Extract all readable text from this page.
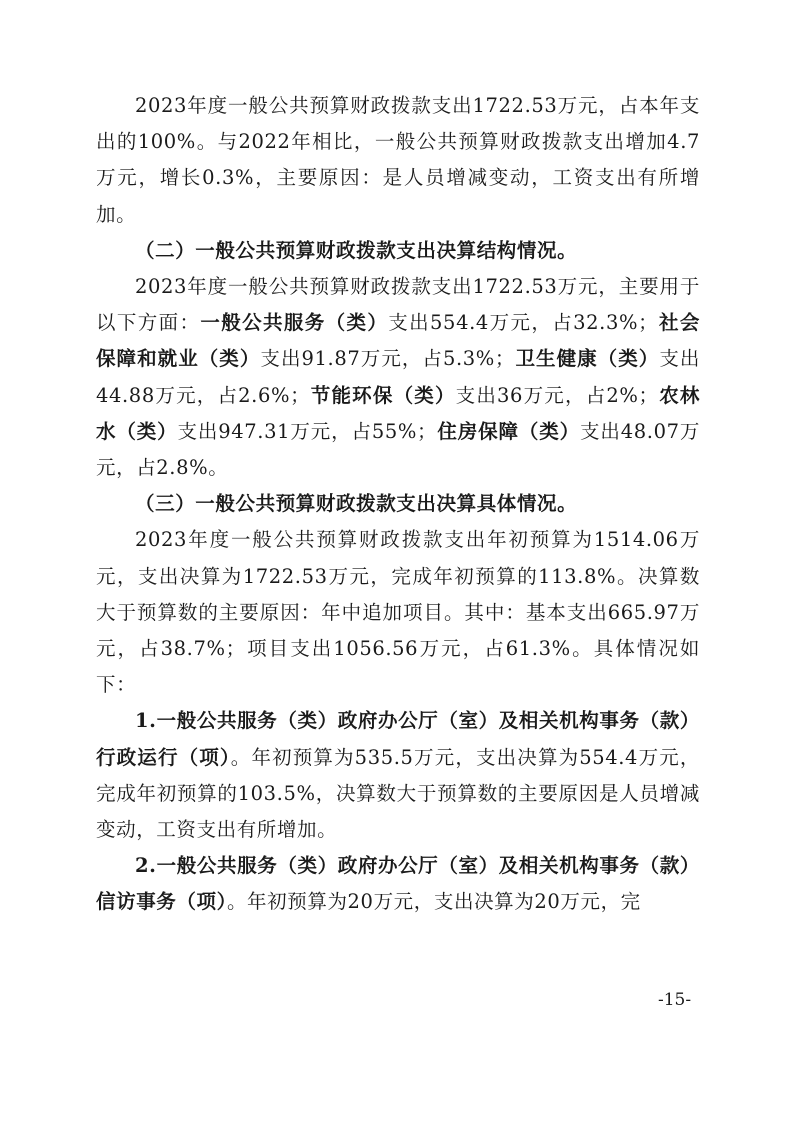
2023年度一般公共预算财政拨款支出1722.53万元，占本年支出的100%。与2022年相比，一般公共预算财政拨款支出增加4.7万元，增长0.3%，主要原因：是人员增减变动，工资支出有所增加。

（二）一般公共预算财政拨款支出决算结构情况。

2023年度一般公共预算财政拨款支出1722.53万元，主要用于以下方面：一般公共服务（类）支出554.4万元，占32.3%；社会保障和就业（类）支出91.87万元，占5.3%；卫生健康（类）支出44.88万元，占2.6%；节能环保（类）支出36万元，占2%；农林水（类）支出947.31万元，占55%；住房保障（类）支出48.07万元，占2.8%。

（三）一般公共预算财政拨款支出决算具体情况。

2023年度一般公共预算财政拨款支出年初预算为1514.06万元，支出决算为1722.53万元，完成年初预算的113.8%。决算数大于预算数的主要原因：年中追加项目。其中：基本支出665.97万元，占38.7%；项目支出1056.56万元，占61.3%。具体情况如下：

1.一般公共服务（类）政府办公厅（室）及相关机构事务（款）行政运行（项）。年初预算为535.5万元，支出决算为554.4万元，完成年初预算的103.5%，决算数大于预算数的主要原因是人员增减变动，工资支出有所增加。

2.一般公共服务（类）政府办公厅（室）及相关机构事务（款）信访事务（项）。年初预算为20万元，支出决算为20万元，完

-15-
